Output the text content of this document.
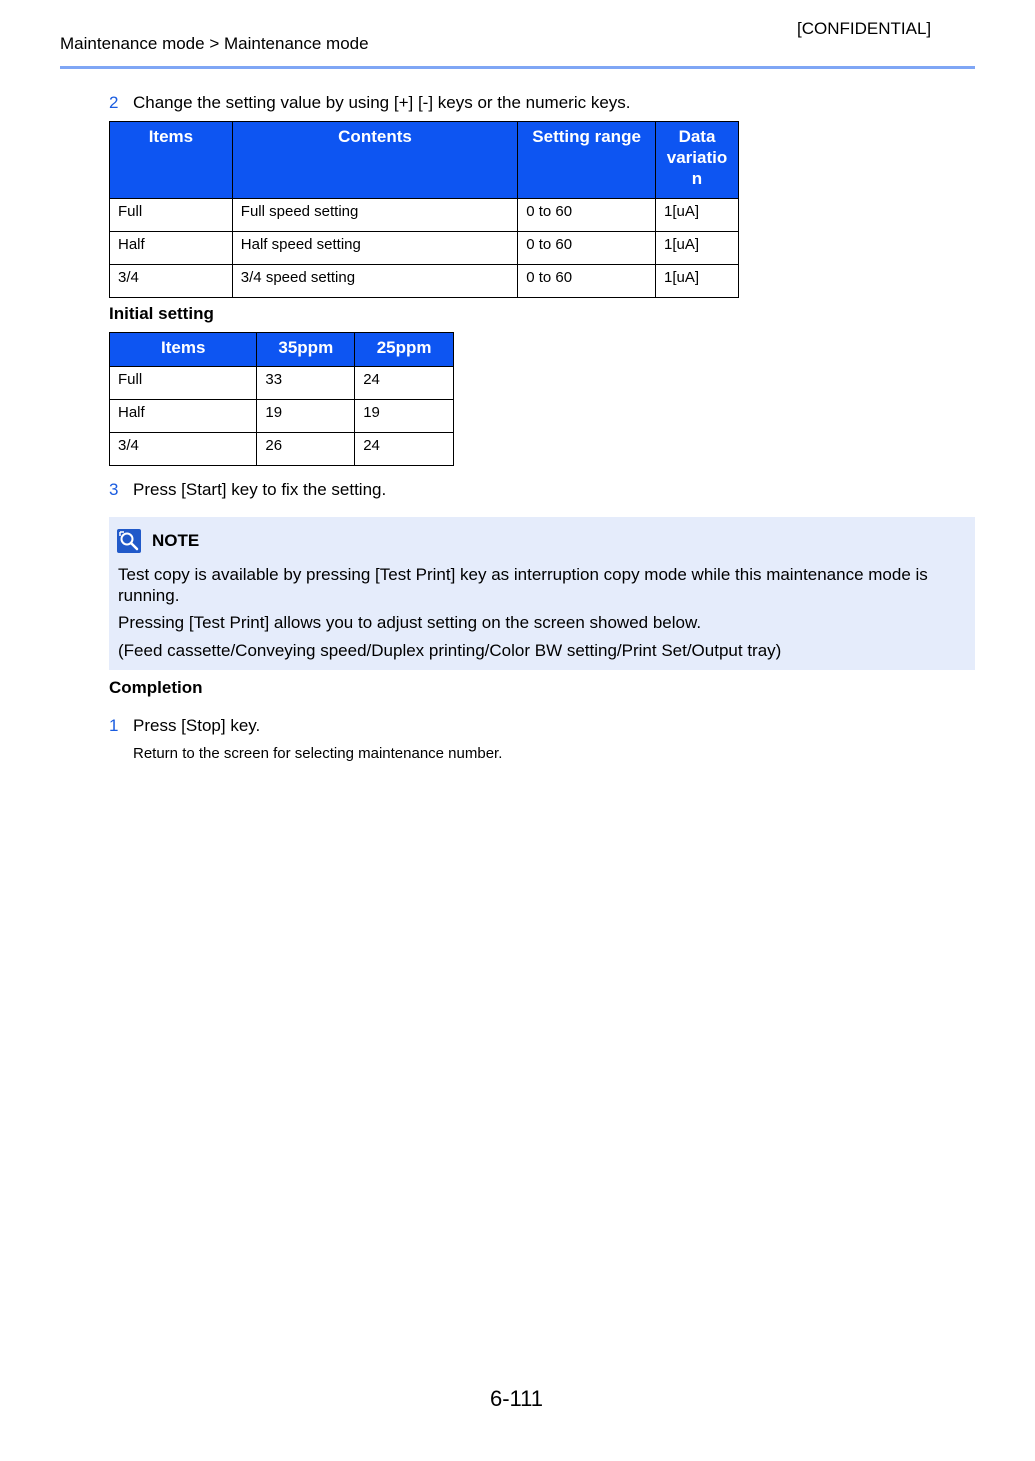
[CONFIDENTIAL]
Maintenance mode > Maintenance mode
2 Change the setting value by using [+] [-] keys or the numeric keys.
Items	Contents	Setting range	Data variatio n
Full	Full speed setting	0 to 60	1[uA]
Half	Half speed setting	0 to 60	1[uA]
3/4	3/4 speed setting	0 to 60	1[uA]
Initial setting
Items	35ppm	25ppm
Full	33	24
Half	19	19
3/4	26	24
3 Press [Start] key to fix the setting.
NOTE
Test copy is available by pressing [Test Print] key as interruption copy mode while this maintenance mode is running.
Pressing [Test Print] allows you to adjust setting on the screen showed below.
(Feed cassette/Conveying speed/Duplex printing/Color BW setting/Print Set/Output tray)
Completion
1 Press [Stop] key.
Return to the screen for selecting maintenance number.
6-111
